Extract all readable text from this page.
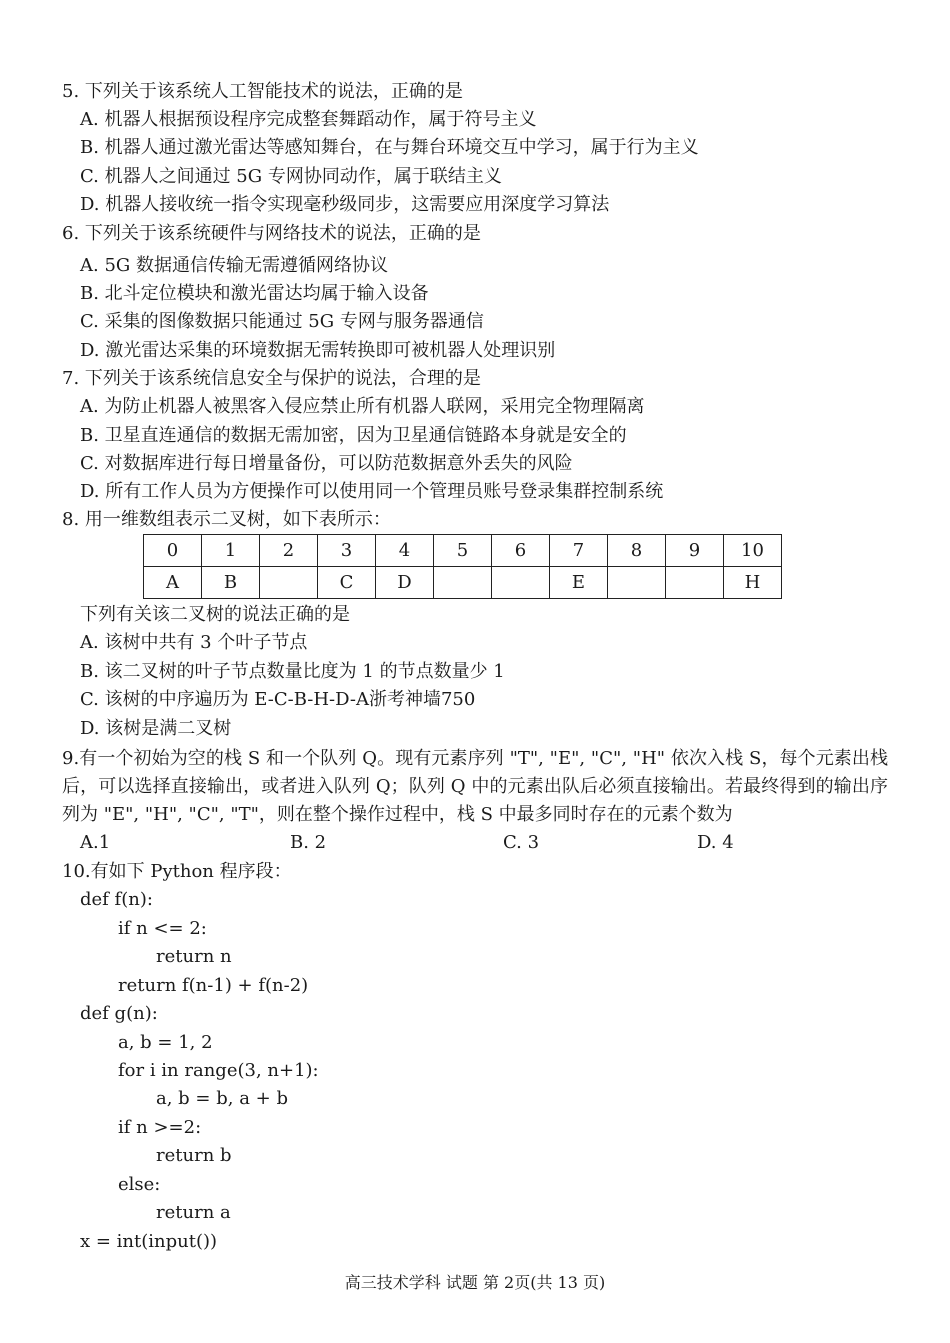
5. 下列关于该系统人工智能技术的说法，正确的是
A. 机器人根据预设程序完成整套舞蹈动作，属于符号主义
B. 机器人通过激光雷达等感知舞台，在与舞台环境交互中学习，属于行为主义
C. 机器人之间通过 5G 专网协同动作，属于联结主义
D. 机器人接收统一指令实现毫秒级同步，这需要应用深度学习算法
6. 下列关于该系统硬件与网络技术的说法，正确的是
A. 5G 数据通信传输无需遵循网络协议
B. 北斗定位模块和激光雷达均属于输入设备
C. 采集的图像数据只能通过 5G 专网与服务器通信
D. 激光雷达采集的环境数据无需转换即可被机器人处理识别
7. 下列关于该系统信息安全与保护的说法，合理的是
A. 为防止机器人被黑客入侵应禁止所有机器人联网，采用完全物理隔离
B. 卫星直连通信的数据无需加密，因为卫星通信链路本身就是安全的
C. 对数据库进行每日增量备份，可以防范数据意外丢失的风险
D. 所有工作人员为方便操作可以使用同一个管理员账号登录集群控制系统
8. 用一维数组表示二叉树，如下表所示：
0	1	2	3	4	5	6	7	8	9	10
A	B		C	D			E			H
下列有关该二叉树的说法正确的是
A. 该树中共有 3 个叶子节点
B. 该二叉树的叶子节点数量比度为 1 的节点数量少 1
C. 该树的中序遍历为 E-C-B-H-D-A浙考神墙750
D. 该树是满二叉树
9.有一个初始为空的栈 S 和一个队列 Q。现有元素序列 "T", "E", "C", "H" 依次入栈 S，每个元素出栈后，可以选择直接输出，或者进入队列 Q；队列 Q 中的元素出队后必须直接输出。若最终得到的输出序列为 "E", "H", "C", "T"，则在整个操作过程中，栈 S 中最多同时存在的元素个数为
A.1	B. 2	C. 3	D. 4
10.有如下 Python 程序段：
def f(n):
if n <= 2:
return n
return f(n-1) + f(n-2)
def g(n):
a, b = 1, 2
for i in range(3, n+1):
a, b = b, a + b
if n >=2:
return b
else:
return a
x = int(input())
高三技术学科 试题 第 2页(共 13 页)
